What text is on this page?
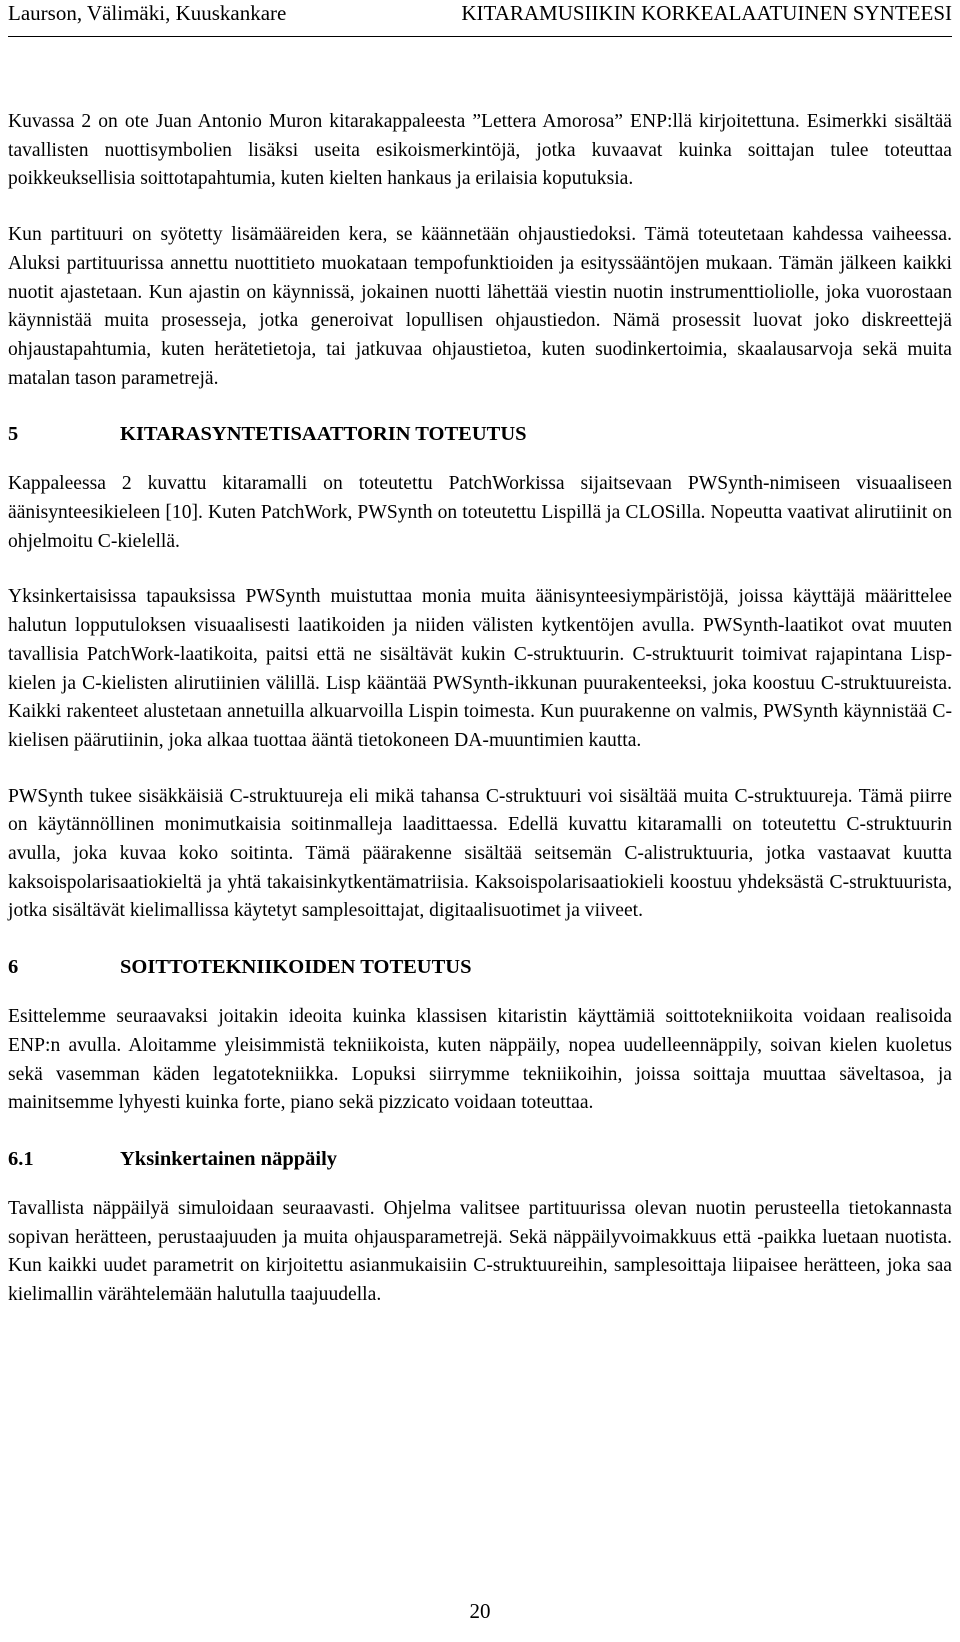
Laurson, Välimäki, Kuuskankare	KITARAMUSIIKIN KORKEALAATUINEN SYNTEESI

Kuvassa 2 on ote Juan Antonio Muron kitarakappaleesta ”Lettera Amorosa” ENP:llä kirjoitettuna. Esimerkki sisältää tavallisten nuottisymbolien lisäksi useita esikoismerkintöjä, jotka kuvaavat kuinka soittajan tulee toteuttaa poikkeuksellisia soittotapahtumia, kuten kielten hankaus ja erilaisia koputuksia.

Kun partituuri on syötetty lisämääreiden kera, se käännetään ohjaustiedoksi. Tämä toteutetaan kahdessa vaiheessa. Aluksi partituurissa annettu nuottitieto muokataan tempofunktioiden ja esityssääntöjen mukaan. Tämän jälkeen kaikki nuotit ajastetaan. Kun ajastin on käynnissä, jokainen nuotti lähettää viestin nuotin instrumenttioliolle, joka vuorostaan käynnistää muita prosesseja, jotka generoivat lopullisen ohjaustiedon. Nämä prosessit luovat joko diskreettejä ohjaustapahtumia, kuten herätetietoja, tai jatkuvaa ohjaustietoa, kuten suodinkertoimia, skaalausarvoja sekä muita matalan tason parametrejä.

5	KITARASYNTETISAATTORIN TOTEUTUS

Kappaleessa 2 kuvattu kitaramalli on toteutettu PatchWorkissa sijaitsevaan PWSynth-nimiseen visuaaliseen äänisynteesikieleen [10]. Kuten PatchWork, PWSynth on toteutettu Lispillä ja CLOSilla. Nopeutta vaativat alirutiinit on ohjelmoitu C-kielellä.

Yksinkertaisissa tapauksissa PWSynth muistuttaa monia muita äänisynteesiympäristöjä, joissa käyttäjä määrittelee halutun lopputuloksen visuaalisesti laatikoiden ja niiden välisten kytkentöjen avulla. PWSynth-laatikot ovat muuten tavallisia PatchWork-laatikoita, paitsi että ne sisältävät kukin C-struktuurin. C-struktuurit toimivat rajapintana Lisp-kielen ja C-kielisten alirutiinien välillä. Lisp kääntää PWSynth-ikkunan puurakenteeksi, joka koostuu C-struktuureista. Kaikki rakenteet alustetaan annetuilla alkuarvoilla Lispin toimesta. Kun puurakenne on valmis, PWSynth käynnistää C-kielisen päärutiinin, joka alkaa tuottaa ääntä tietokoneen DA-muuntimien kautta.

PWSynth tukee sisäkkäisiä C-struktuureja eli mikä tahansa C-struktuuri voi sisältää muita C-struktuureja. Tämä piirre on käytännöllinen monimutkaisia soitinmalleja laadittaessa. Edellä kuvattu kitaramalli on toteutettu C-struktuurin avulla, joka kuvaa koko soitinta. Tämä päärakenne sisältää seitsemän C-alistruktuuria, jotka vastaavat kuutta kaksoispolarisaatiokieltä ja yhtä takaisinkytkentämatriisia. Kaksoispolarisaatiokieli koostuu yhdeksästä C-struktuurista, jotka sisältävät kielimallissa käytetyt samplesoittajat, digitaalisuotimet ja viiveet.

6	SOITTOTEKNIIKOIDEN TOTEUTUS

Esittelemme seuraavaksi joitakin ideoita kuinka klassisen kitaristin käyttämiä soittotekniikoita voidaan realisoida ENP:n avulla. Aloitamme yleisimmistä tekniikoista, kuten näppäily, nopea uudelleennäppily, soivan kielen kuoletus sekä vasemman käden legatotekniikka. Lopuksi siirrymme tekniikoihin, joissa soittaja muuttaa säveltasoa, ja mainitsemme lyhyesti kuinka forte, piano sekä pizzicato voidaan toteuttaa.

6.1	Yksinkertainen näppäily

Tavallista näppäilyä simuloidaan seuraavasti. Ohjelma valitsee partituurissa olevan nuotin perusteella tietokannasta sopivan herätteen, perustaajuuden ja muita ohjausparametrejä. Sekä näppäilyvoimakkuus että -paikka luetaan nuotista. Kun kaikki uudet parametrit on kirjoitettu asianmukaisiin C-struktuureihin, samplesoittaja liipaisee herätteen, joka saa kielimallin värähtelemään halutulla taajuudella.

20
